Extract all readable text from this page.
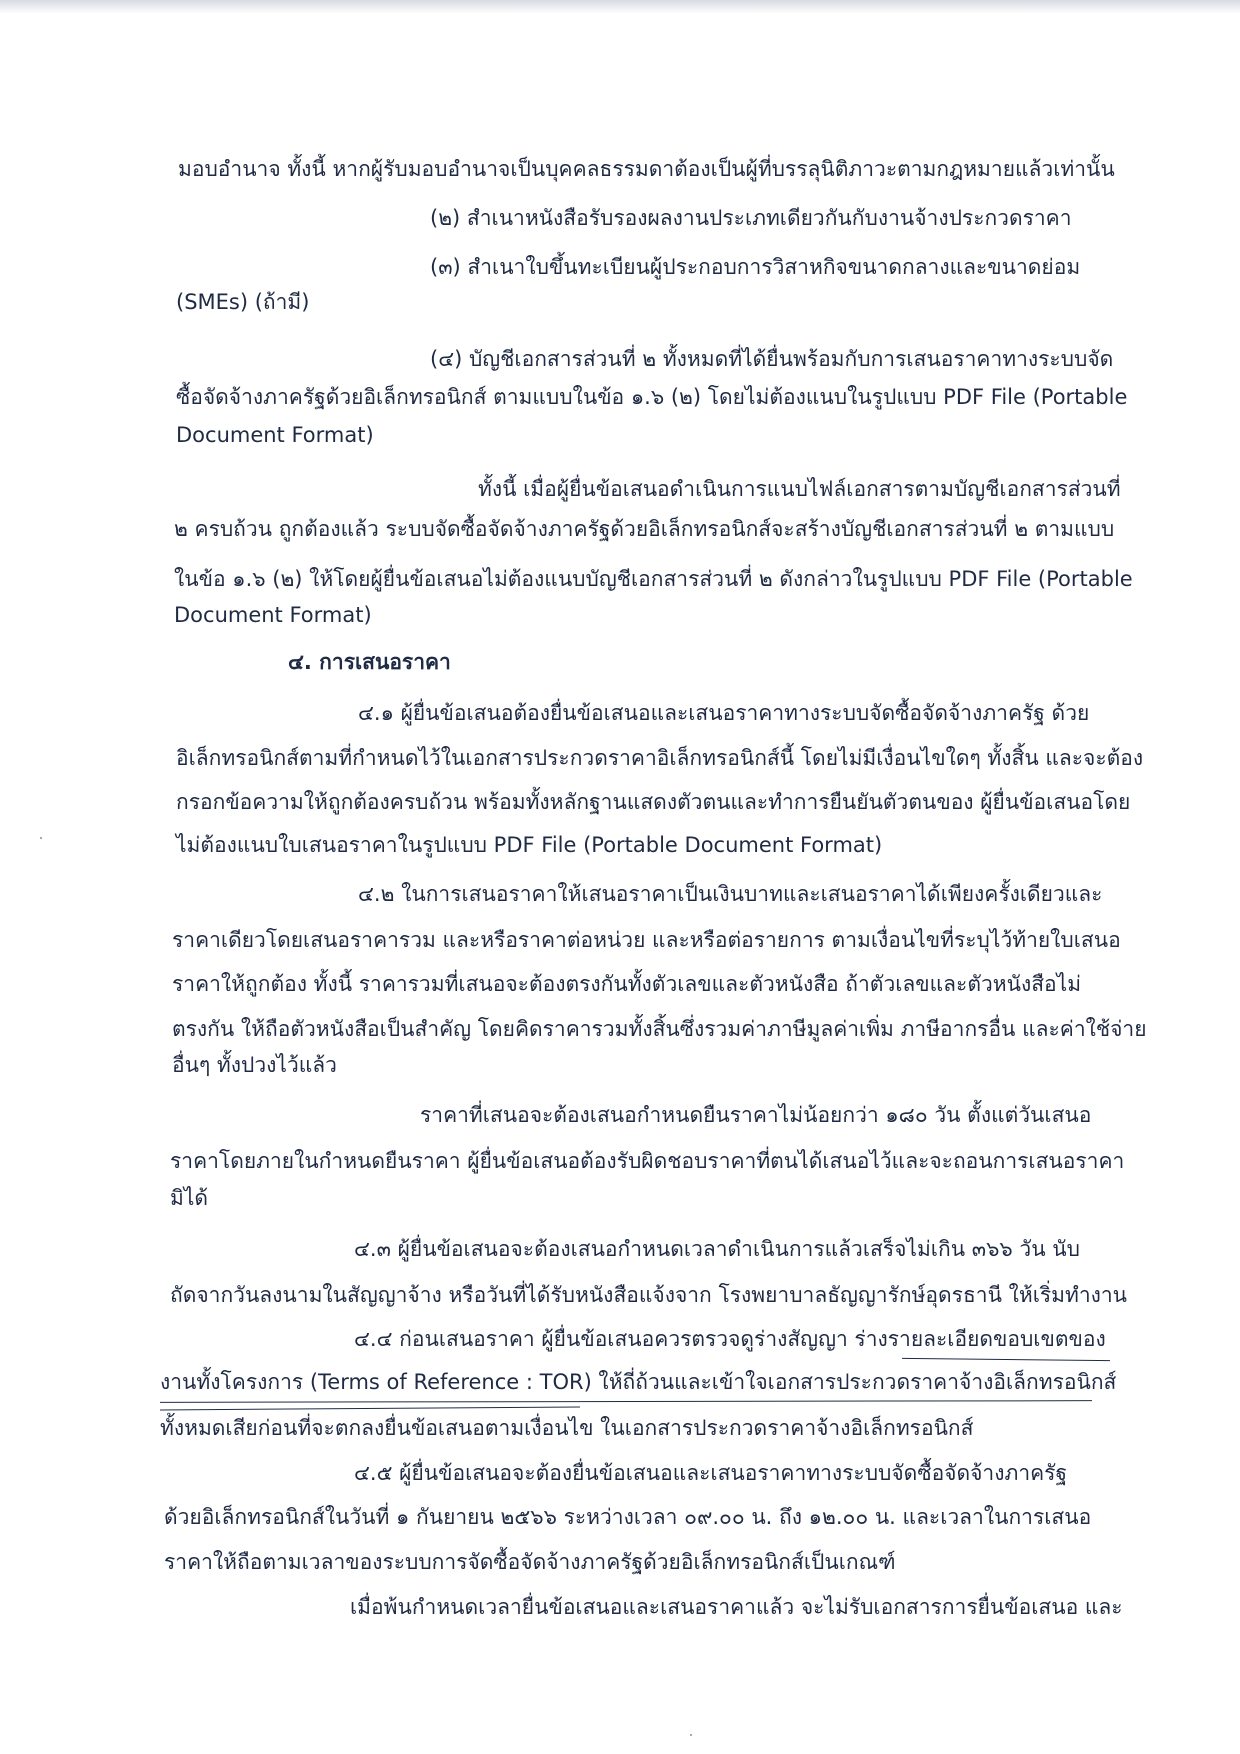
มอบอำนาจ ทั้งนี้ หากผู้รับมอบอำนาจเป็นบุคคลธรรมดาต้องเป็นผู้ที่บรรลุนิติภาวะตามกฎหมายแล้วเท่านั้น
(๒) สำเนาหนังสือรับรองผลงานประเภทเดียวกันกับงานจ้างประกวดราคา
(๓) สำเนาใบขึ้นทะเบียนผู้ประกอบการวิสาหกิจขนาดกลางและขนาดย่อม
(SMEs) (ถ้ามี)
(๔) บัญชีเอกสารส่วนที่ ๒ ทั้งหมดที่ได้ยื่นพร้อมกับการเสนอราคาทางระบบจัด
ซื้อจัดจ้างภาครัฐด้วยอิเล็กทรอนิกส์ ตามแบบในข้อ ๑.๖ (๒) โดยไม่ต้องแนบในรูปแบบ PDF File (Portable
Document Format)
ทั้งนี้ เมื่อผู้ยื่นข้อเสนอดำเนินการแนบไฟล์เอกสารตามบัญชีเอกสารส่วนที่
๒ ครบถ้วน ถูกต้องแล้ว ระบบจัดซื้อจัดจ้างภาครัฐด้วยอิเล็กทรอนิกส์จะสร้างบัญชีเอกสารส่วนที่ ๒ ตามแบบ
ในข้อ ๑.๖ (๒) ให้โดยผู้ยื่นข้อเสนอไม่ต้องแนบบัญชีเอกสารส่วนที่ ๒ ดังกล่าวในรูปแบบ PDF File (Portable
Document Format)
๔. การเสนอราคา
๔.๑ ผู้ยื่นข้อเสนอต้องยื่นข้อเสนอและเสนอราคาทางระบบจัดซื้อจัดจ้างภาครัฐ ด้วย
อิเล็กทรอนิกส์ตามที่กำหนดไว้ในเอกสารประกวดราคาอิเล็กทรอนิกส์นี้ โดยไม่มีเงื่อนไขใดๆ ทั้งสิ้น และจะต้อง
กรอกข้อความให้ถูกต้องครบถ้วน พร้อมทั้งหลักฐานแสดงตัวตนและทำการยืนยันตัวตนของ ผู้ยื่นข้อเสนอโดย
ไม่ต้องแนบใบเสนอราคาในรูปแบบ PDF File (Portable Document Format)
๔.๒ ในการเสนอราคาให้เสนอราคาเป็นเงินบาทและเสนอราคาได้เพียงครั้งเดียวและ
ราคาเดียวโดยเสนอราคารวม และหรือราคาต่อหน่วย และหรือต่อรายการ ตามเงื่อนไขที่ระบุไว้ท้ายใบเสนอ
ราคาให้ถูกต้อง ทั้งนี้ ราคารวมที่เสนอจะต้องตรงกันทั้งตัวเลขและตัวหนังสือ ถ้าตัวเลขและตัวหนังสือไม่
ตรงกัน ให้ถือตัวหนังสือเป็นสำคัญ โดยคิดราคารวมทั้งสิ้นซึ่งรวมค่าภาษีมูลค่าเพิ่ม ภาษีอากรอื่น และค่าใช้จ่าย
อื่นๆ ทั้งปวงไว้แล้ว
ราคาที่เสนอจะต้องเสนอกำหนดยืนราคาไม่น้อยกว่า ๑๘๐ วัน ตั้งแต่วันเสนอ
ราคาโดยภายในกำหนดยืนราคา ผู้ยื่นข้อเสนอต้องรับผิดชอบราคาที่ตนได้เสนอไว้และจะถอนการเสนอราคา
มิได้
๔.๓ ผู้ยื่นข้อเสนอจะต้องเสนอกำหนดเวลาดำเนินการแล้วเสร็จไม่เกิน ๓๖๖ วัน นับ
ถัดจากวันลงนามในสัญญาจ้าง หรือวันที่ได้รับหนังสือแจ้งจาก โรงพยาบาลธัญญารักษ์อุดรธานี ให้เริ่มทำงาน
๔.๔ ก่อนเสนอราคา ผู้ยื่นข้อเสนอควรตรวจดูร่างสัญญา ร่างรายละเอียดขอบเขตของ
งานทั้งโครงการ (Terms of Reference : TOR) ให้ถี่ถ้วนและเข้าใจเอกสารประกวดราคาจ้างอิเล็กทรอนิกส์
ทั้งหมดเสียก่อนที่จะตกลงยื่นข้อเสนอตามเงื่อนไข ในเอกสารประกวดราคาจ้างอิเล็กทรอนิกส์
๔.๕ ผู้ยื่นข้อเสนอจะต้องยื่นข้อเสนอและเสนอราคาทางระบบจัดซื้อจัดจ้างภาครัฐ
ด้วยอิเล็กทรอนิกส์ในวันที่ ๑ กันยายน ๒๕๖๖ ระหว่างเวลา ๐๙.๐๐ น. ถึง ๑๒.๐๐ น. และเวลาในการเสนอ
ราคาให้ถือตามเวลาของระบบการจัดซื้อจัดจ้างภาครัฐด้วยอิเล็กทรอนิกส์เป็นเกณฑ์
เมื่อพ้นกำหนดเวลายื่นข้อเสนอและเสนอราคาแล้ว จะไม่รับเอกสารการยื่นข้อเสนอ และ
